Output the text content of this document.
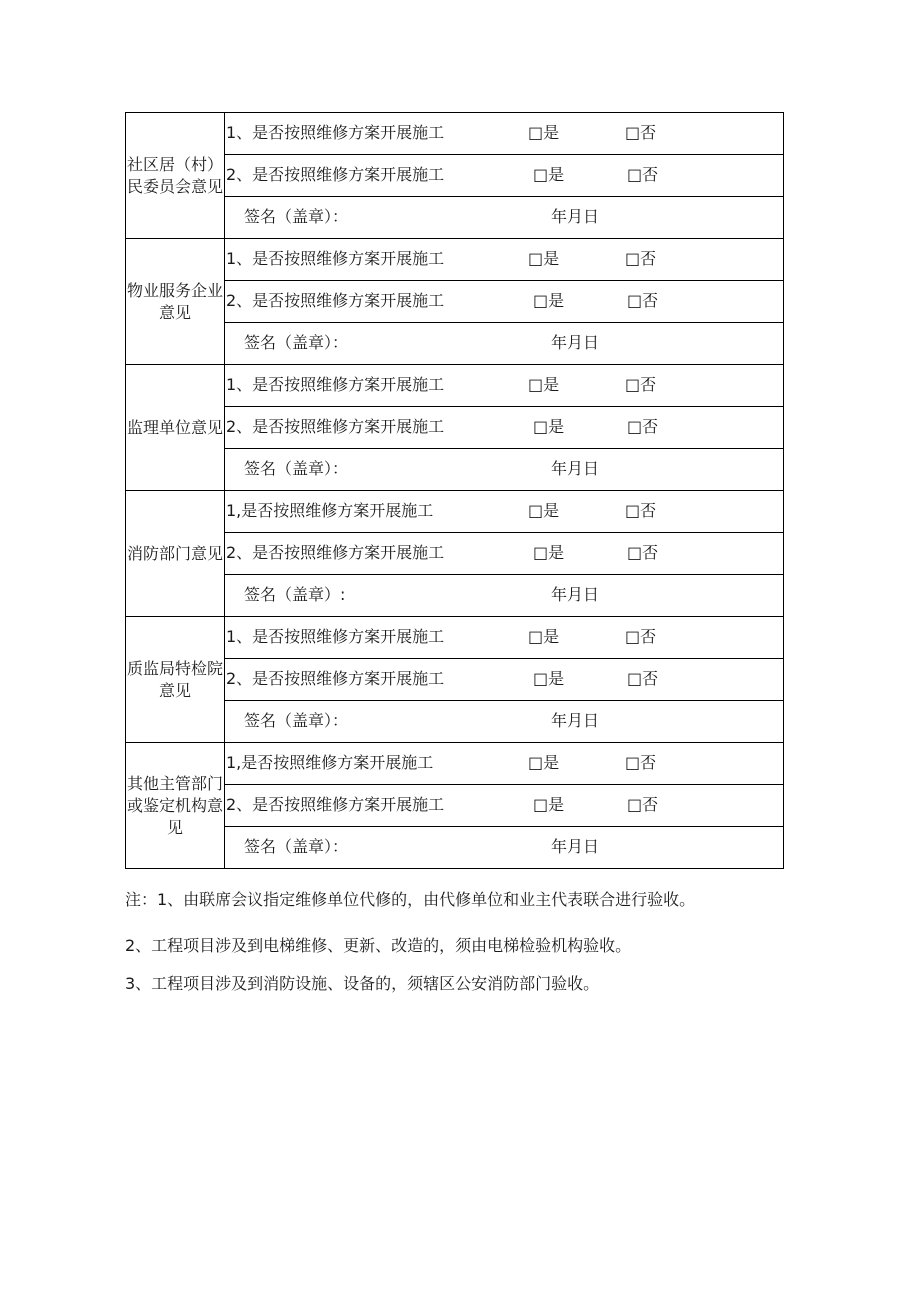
社区居（村）民委员会意见	1、是否按照维修方案开展施工 □是 □否

	2、是否按照维修方案开展施工 □是 □否

	签名（盖章）： 年月日

物业服务企业意见	1、是否按照维修方案开展施工 □是 □否

	2、是否按照维修方案开展施工 □是 □否

	签名（盖章）： 年月日

监理单位意见	1、是否按照维修方案开展施工 □是 □否

	2、是否按照维修方案开展施工 □是 □否

	签名（盖章）： 年月日

消防部门意见	1,是否按照维修方案开展施工 □是 □否

	2、是否按照维修方案开展施工 □是 □否

	签名（盖章）: 年月日

质监局特检院意见	1、是否按照维修方案开展施工 □是 □否

	2、是否按照维修方案开展施工 □是 □否

	签名（盖章）： 年月日

其他主管部门或鉴定机构意见	1,是否按照维修方案开展施工 □是 □否

	2、是否按照维修方案开展施工 □是 □否

	签名（盖章）： 年月日

注：1、由联席会议指定维修单位代修的，由代修单位和业主代表联合进行验收。

2、工程项目涉及到电梯维修、更新、改造的，须由电梯检验机构验收。

3、工程项目涉及到消防设施、设备的，须辖区公安消防部门验收。
